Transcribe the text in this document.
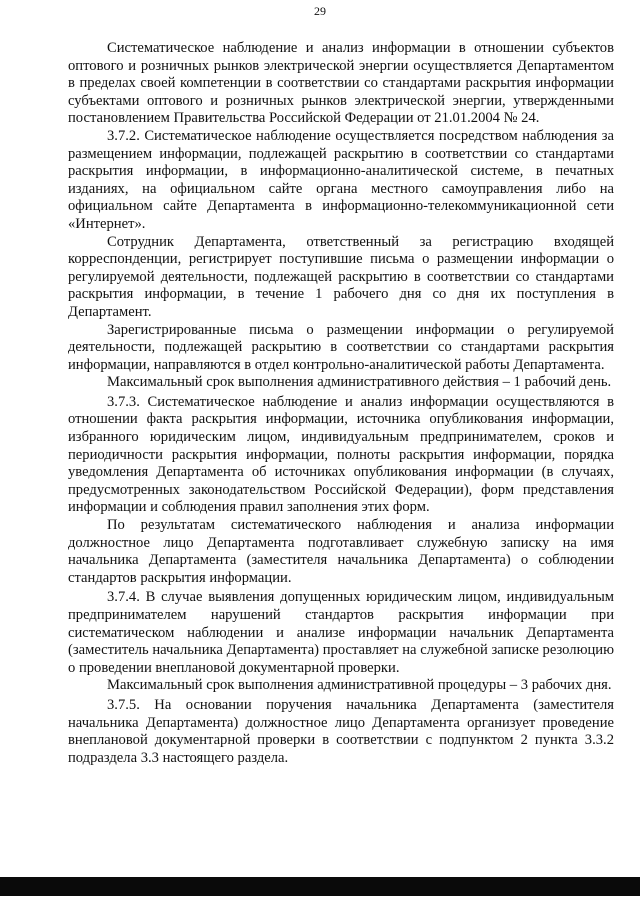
29

Систематическое наблюдение и анализ информации в отношении субъектов оптового и розничных рынков электрической энергии осуществляется Департаментом в пределах своей компетенции в соответствии со стандартами раскрытия информации субъектами оптового и розничных рынков электрической энергии, утвержденными постановлением Правительства Российской Федерации от 21.01.2004 № 24.

3.7.2. Систематическое наблюдение осуществляется посредством наблюдения за размещением информации, подлежащей раскрытию в соответствии со стандартами раскрытия информации, в информационно-аналитической системе, в печатных изданиях, на официальном сайте органа местного самоуправления либо на официальном сайте Департамента в информационно-телекоммуникационной сети «Интернет».

Сотрудник Департамента, ответственный за регистрацию входящей корреспонденции, регистрирует поступившие письма о размещении информации о регулируемой деятельности, подлежащей раскрытию в соответствии со стандартами раскрытия информации, в течение 1 рабочего дня со дня их поступления в Департамент.

Зарегистрированные письма о размещении информации о регулируемой деятельности, подлежащей раскрытию в соответствии со стандартами раскрытия информации, направляются в отдел контрольно-аналитической работы Департамента.

Максимальный срок выполнения административного действия – 1 рабочий день.

3.7.3. Систематическое наблюдение и анализ информации осуществляются в отношении факта раскрытия информации, источника опубликования информации, избранного юридическим лицом, индивидуальным предпринимателем, сроков и периодичности раскрытия информации, полноты раскрытия информации, порядка уведомления Департамента об источниках опубликования информации (в случаях, предусмотренных законодательством Российской Федерации), форм представления информации и соблюдения правил заполнения этих форм.

По результатам систематического наблюдения и анализа информации должностное лицо Департамента подготавливает служебную записку на имя начальника Департамента (заместителя начальника Департамента) о соблюдении стандартов раскрытия информации.

3.7.4. В случае выявления допущенных юридическим лицом, индивидуальным предпринимателем нарушений стандартов раскрытия информации при систематическом наблюдении и анализе информации начальник Департамента (заместитель начальника Департамента) проставляет на служебной записке резолюцию о проведении внеплановой документарной проверки.

Максимальный срок выполнения административной процедуры – 3 рабочих дня.

3.7.5. На основании поручения начальника Департамента (заместителя начальника Департамента) должностное лицо Департамента организует проведение внеплановой документарной проверки в соответствии с подпунктом 2 пункта 3.3.2 подраздела 3.3 настоящего раздела.
